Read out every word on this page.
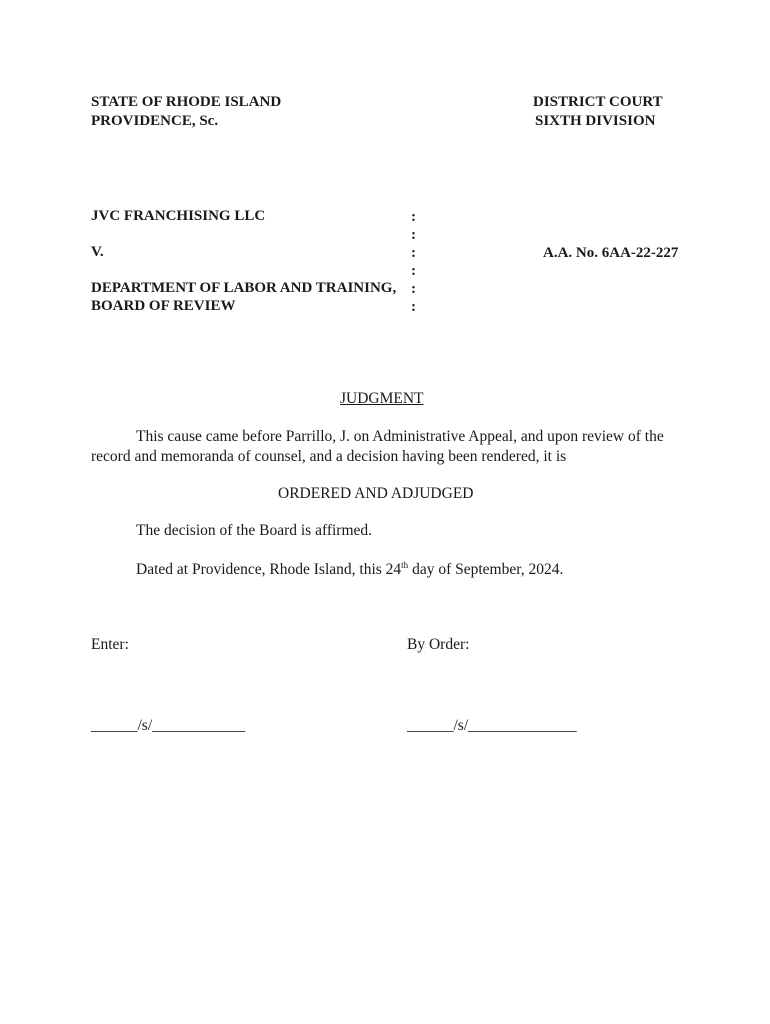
STATE OF RHODE ISLAND
PROVIDENCE, Sc.
DISTRICT COURT
SIXTH DIVISION
JVC FRANCHISING LLC
V.
DEPARTMENT OF LABOR AND TRAINING,
BOARD OF REVIEW
:
:
:
:
:
:
A.A. No. 6AA-22-227
JUDGMENT
This cause came before Parrillo, J. on Administrative Appeal, and upon review of the
record and memoranda of counsel, and a decision having been rendered, it is
ORDERED AND ADJUDGED
The decision of the Board is affirmed.
Dated at Providence, Rhode Island, this 24th day of September, 2024.
Enter:	By Order:
______/s/____________	______/s/______________
